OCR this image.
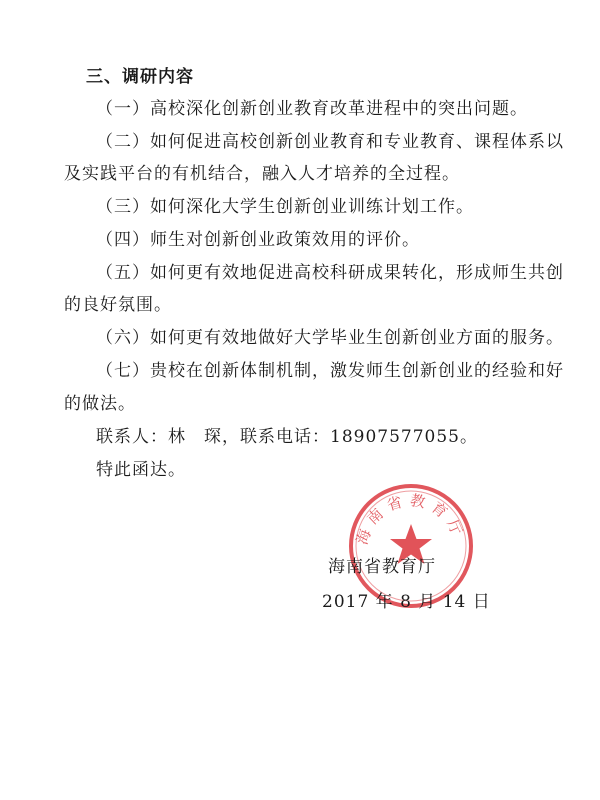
三、调研内容
（一）高校深化创新创业教育改革进程中的突出问题。
（二）如何促进高校创新创业教育和专业教育、课程体系以
及实践平台的有机结合，融入人才培养的全过程。
（三）如何深化大学生创新创业训练计划工作。
（四）师生对创新创业政策效用的评价。
（五）如何更有效地促进高校科研成果转化，形成师生共创
的良好氛围。
（六）如何更有效地做好大学毕业生创新创业方面的服务。
（七）贵校在创新体制机制，激发师生创新创业的经验和好
的做法。
联系人：林　琛，联系电话：18907577055。
特此函达。
海南省教育厅
海南省教育厅
2017 年 8 月 14 日
